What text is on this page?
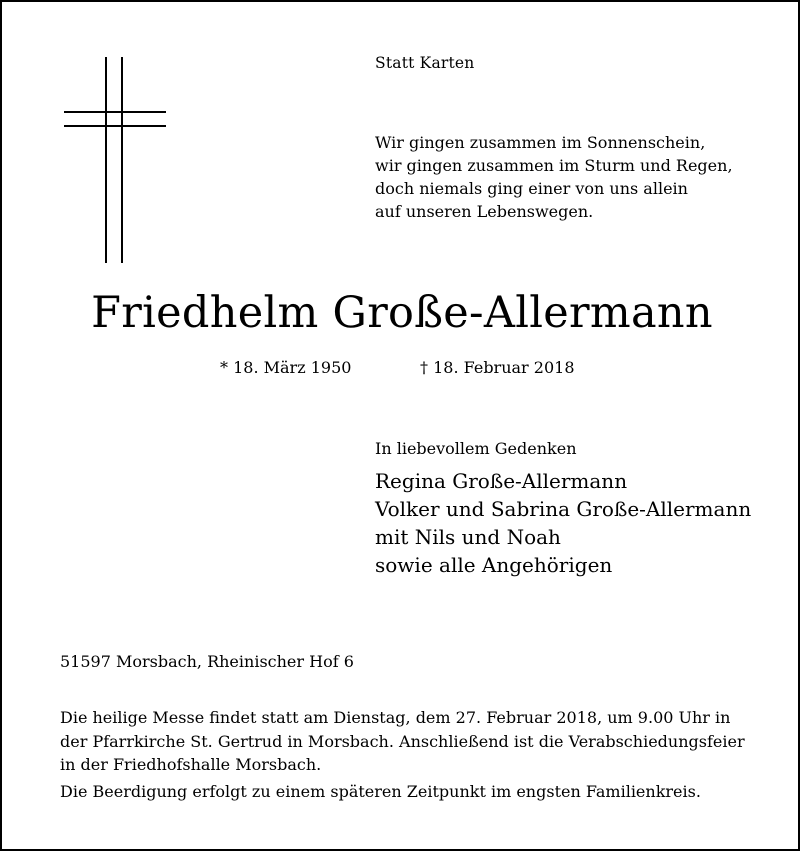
Statt Karten
Wir gingen zusammen im Sonnenschein,
wir gingen zusammen im Sturm und Regen,
doch niemals ging einer von uns allein
auf unseren Lebenswegen.
Friedhelm Große-Allermann
* 18. März 1950	† 18. Februar 2018
In liebevollem Gedenken
Regina Große-Allermann
Volker und Sabrina Große-Allermann
mit Nils und Noah
sowie alle Angehörigen
51597 Morsbach, Rheinischer Hof 6
Die heilige Messe findet statt am Dienstag, dem 27. Februar 2018, um 9.00 Uhr in
der Pfarrkirche St. Gertrud in Morsbach. Anschließend ist die Verabschiedungsfeier
in der Friedhofshalle Morsbach.
Die Beerdigung erfolgt zu einem späteren Zeitpunkt im engsten Familienkreis.
